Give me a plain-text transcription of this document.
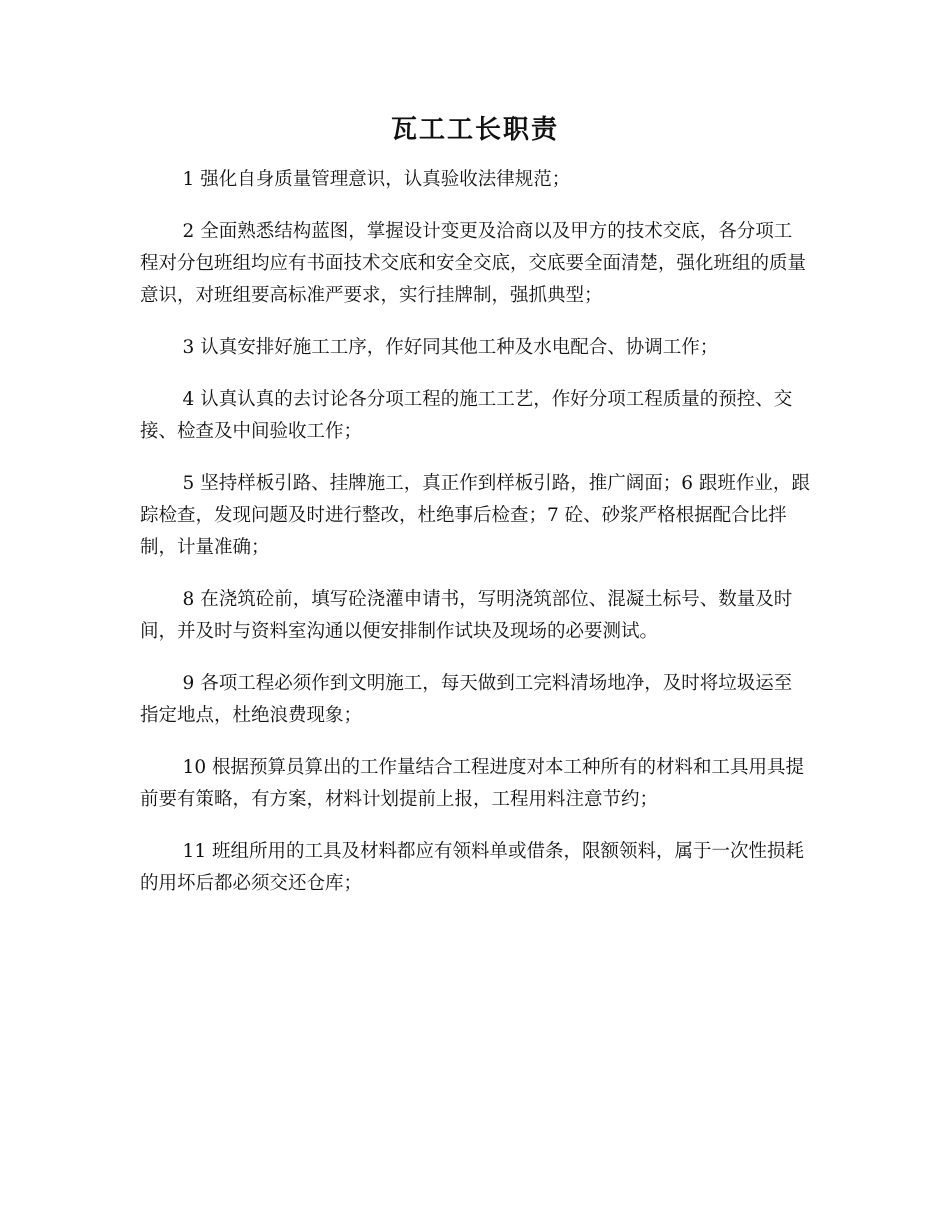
瓦工工长职责

1 强化自身质量管理意识，认真验收法律规范；

2 全面熟悉结构蓝图，掌握设计变更及洽商以及甲方的技术交底，各分项工程对分包班组均应有书面技术交底和安全交底，交底要全面清楚，强化班组的质量意识，对班组要高标准严要求，实行挂牌制，强抓典型；

3 认真安排好施工工序，作好同其他工种及水电配合、协调工作；

4 认真认真的去讨论各分项工程的施工工艺，作好分项工程质量的预控、交接、检查及中间验收工作；

5 坚持样板引路、挂牌施工，真正作到样板引路，推广阔面；6 跟班作业，跟踪检查，发现问题及时进行整改，杜绝事后检查；7 砼、砂浆严格根据配合比拌制，计量准确；

8 在浇筑砼前，填写砼浇灌申请书，写明浇筑部位、混凝土标号、数量及时间，并及时与资料室沟通以便安排制作试块及现场的必要测试。

9 各项工程必须作到文明施工，每天做到工完料清场地净，及时将垃圾运至指定地点，杜绝浪费现象；

10 根据预算员算出的工作量结合工程进度对本工种所有的材料和工具用具提前要有策略，有方案，材料计划提前上报，工程用料注意节约；

11 班组所用的工具及材料都应有领料单或借条，限额领料，属于一次性损耗的用坏后都必须交还仓库；
